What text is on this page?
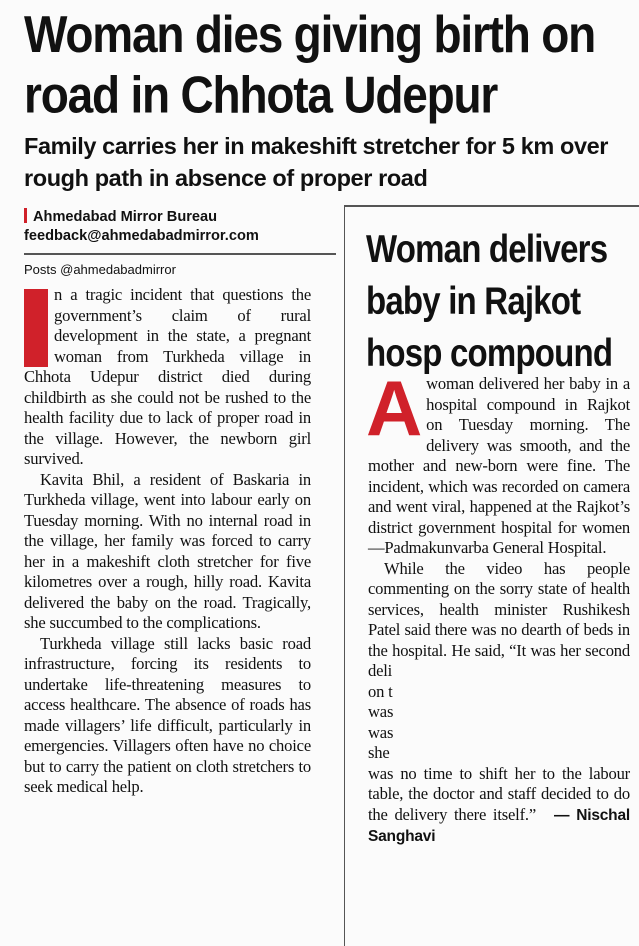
Woman dies giving birth on road in Chhota Udepur
Family carries her in makeshift stretcher for 5 km over rough path in absence of proper road
Ahmedabad Mirror Bureau
feedback@ahmedabadmirror.com
Posts @ahmedabadmirror

n a tragic incident that questions the government’s claim of rural development in the state, a pregnant woman from Turkheda village in Chhota Udepur district died during childbirth as she could not be rushed to the health facility due to lack of proper road in the village. However, the newborn girl survived.

Kavita Bhil, a resident of Baskaria in Turkheda village, went into labour early on Tuesday morning. With no internal road in the village, her family was forced to carry her in a makeshift cloth stretcher for five kilometres over a rough, hilly road. Kavita delivered the baby on the road. Tragically, she succumbed to the complications.

Turkheda village still lacks basic road infrastructure, forcing its residents to undertake life-threatening measures to access healthcare. The absence of roads has made villagers’ life difficult, particularly in emergencies. Villagers often have no choice but to carry the patient on cloth stretchers to seek medical help.

Woman delivers baby in Rajkot hosp compound
A woman delivered her baby in a hospital compound in Rajkot on Tuesday morning. The delivery was smooth, and the mother and new-born were fine. The incident, which was recorded on camera and went viral, happened at the Rajkot’s district government hospital for women—Padmakunvarba General Hospital.

While the video has people commenting on the sorry state of health services, health minister Rushikesh Patel said there was no dearth of beds in the hospital. He said, “It was her second deli

on t

was

was

she

was no time to shift her to the labour table, the doctor and staff decided to do the delivery there itself.” — Nischal Sanghavi
